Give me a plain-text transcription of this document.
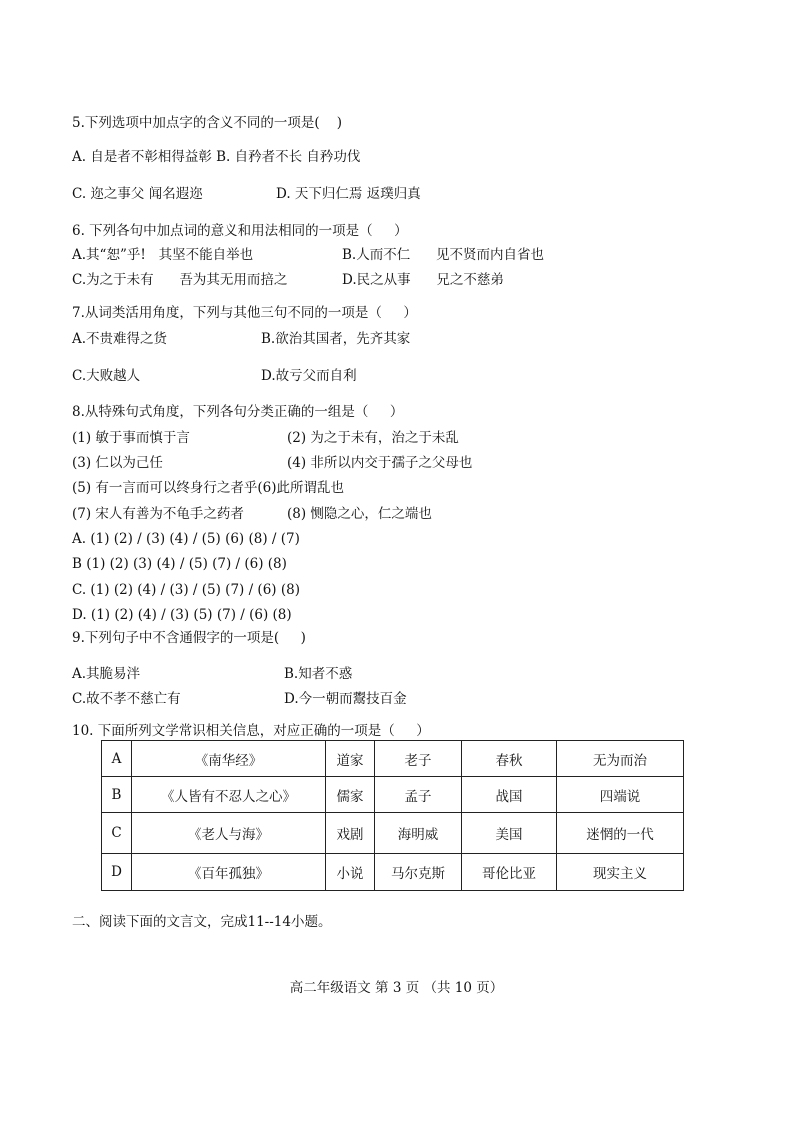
5.下列选项中加点字的含义不同的一项是(    )
A. 自是者不彰相得益彰 B. 自矜者不长 自矜功伐
C. 迩之事父 闻名遐迩	D. 天下归仁焉 返璞归真
6. 下列各句中加点词的意义和用法相同的一项是（     ）
A.其“恕”乎!   其坚不能自举也	B.人而不仁      见不贤而内自省也
C.为之于未有      吾为其无用而掊之	D.民之从事      兄之不慈弟
7.从词类活用角度，下列与其他三句不同的一项是（     ）
A.不贵难得之货	B.欲治其国者，先齐其家
C.大败越人	D.故亏父而自利
8.从特殊句式角度，下列各句分类正确的一组是（     ）
(1) 敏于事而慎于言	(2) 为之于未有，治之于未乱
(3) 仁以为己任	(4) 非所以内交于孺子之父母也
(5) 有一言而可以终身行之者乎(6)此所谓乱也
(7) 宋人有善为不龟手之药者	(8) 恻隐之心，仁之端也
A. (1) (2) / (3) (4) / (5) (6) (8) / (7)
B (1) (2) (3) (4) / (5) (7) / (6) (8)
C. (1) (2) (4) / (3) / (5) (7) / (6) (8)
D. (1) (2) (4) / (3) (5) (7) / (6) (8)
9.下列句子中不含通假字的一项是(     )
A.其脆易泮	B.知者不惑
C.故不孝不慈亡有	D.今一朝而鬻技百金
10. 下面所列文学常识相关信息，对应正确的一项是（     ）
A	《南华经》	道家	老子	春秋	无为而治
B	《人皆有不忍人之心》	儒家	孟子	战国	四端说
C	《老人与海》	戏剧	海明威	美国	迷惘的一代
D	《百年孤独》	小说	马尔克斯	哥伦比亚	现实主义
二、阅读下面的文言文，完成11--14小题。
高二年级语文 第 3 页 （共 10 页）
